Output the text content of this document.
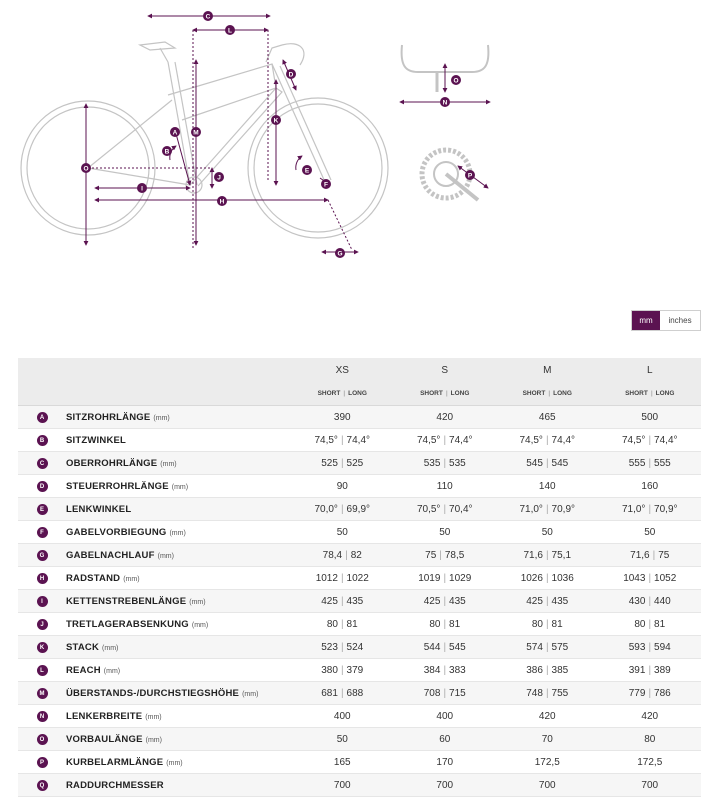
C
L
A M
B
O
I
J
H
K
D
E
F
G
N
O
P
mm	inches
		XS	S	M	L
		SHORT | LONG	SHORT | LONG	SHORT | LONG	SHORT | LONG
A	SITZROHRLÄNGE (mm)	390	420	465	500
B	SITZWINKEL	74,5° | 74,4°	74,5° | 74,4°	74,5° | 74,4°	74,5° | 74,4°
C	OBERROHRLÄNGE (mm)	525 | 525	535 | 535	545 | 545	555 | 555
D	STEUERROHRLÄNGE (mm)	90	110	140	160
E	LENKWINKEL	70,0° | 69,9°	70,5° | 70,4°	71,0° | 70,9°	71,0° | 70,9°
F	GABELVORBIEGUNG (mm)	50	50	50	50
G	GABELNACHLAUF (mm)	78,4 | 82	75 | 78,5	71,6 | 75,1	71,6 | 75
H	RADSTAND (mm)	1012 | 1022	1019 | 1029	1026 | 1036	1043 | 1052
I	KETTENSTREBENLÄNGE (mm)	425 | 435	425 | 435	425 | 435	430 | 440
J	TRETLAGERABSENKUNG (mm)	80 | 81	80 | 81	80 | 81	80 | 81
K	STACK (mm)	523 | 524	544 | 545	574 | 575	593 | 594
L	REACH (mm)	380 | 379	384 | 383	386 | 385	391 | 389
M	ÜBERSTANDS-/DURCHSTIEGSHÖHE (mm)	681 | 688	708 | 715	748 | 755	779 | 786
N	LENKERBREITE (mm)	400	400	420	420
O	VORBAULÄNGE (mm)	50	60	70	80
P	KURBELARMLÄNGE (mm)	165	170	172,5	172,5
Q	RADDURCHMESSER	700	700	700	700
